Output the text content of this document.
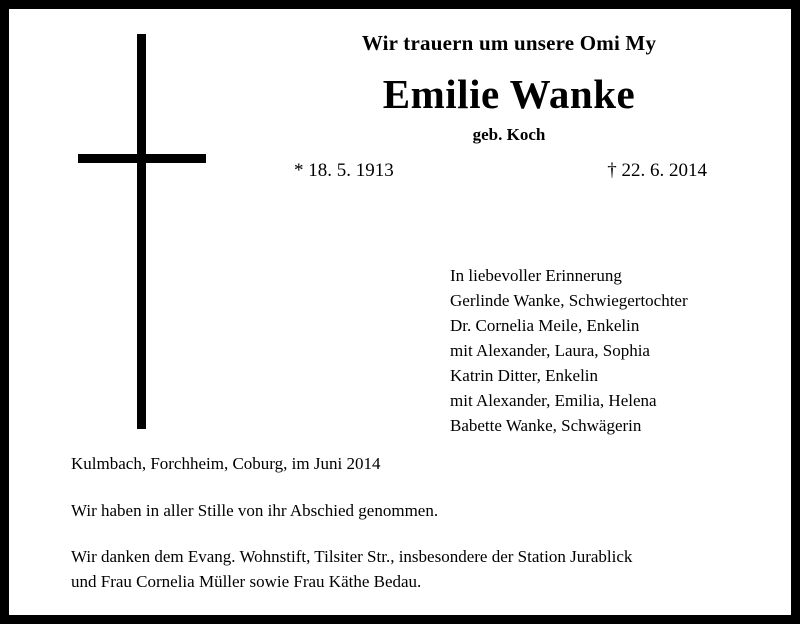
Wir trauern um unsere Omi My
Emilie Wanke
geb. Koch
* 18. 5. 1913	† 22. 6. 2014
In liebevoller Erinnerung
Gerlinde Wanke, Schwiegertochter
Dr. Cornelia Meile, Enkelin
mit Alexander, Laura, Sophia
Katrin Ditter, Enkelin
mit Alexander, Emilia, Helena
Babette Wanke, Schwägerin
Kulmbach, Forchheim, Coburg, im Juni 2014
Wir haben in aller Stille von ihr Abschied genommen.
Wir danken dem Evang. Wohnstift, Tilsiter Str., insbesondere der Station Jurablick
und Frau Cornelia Müller sowie Frau Käthe Bedau.
